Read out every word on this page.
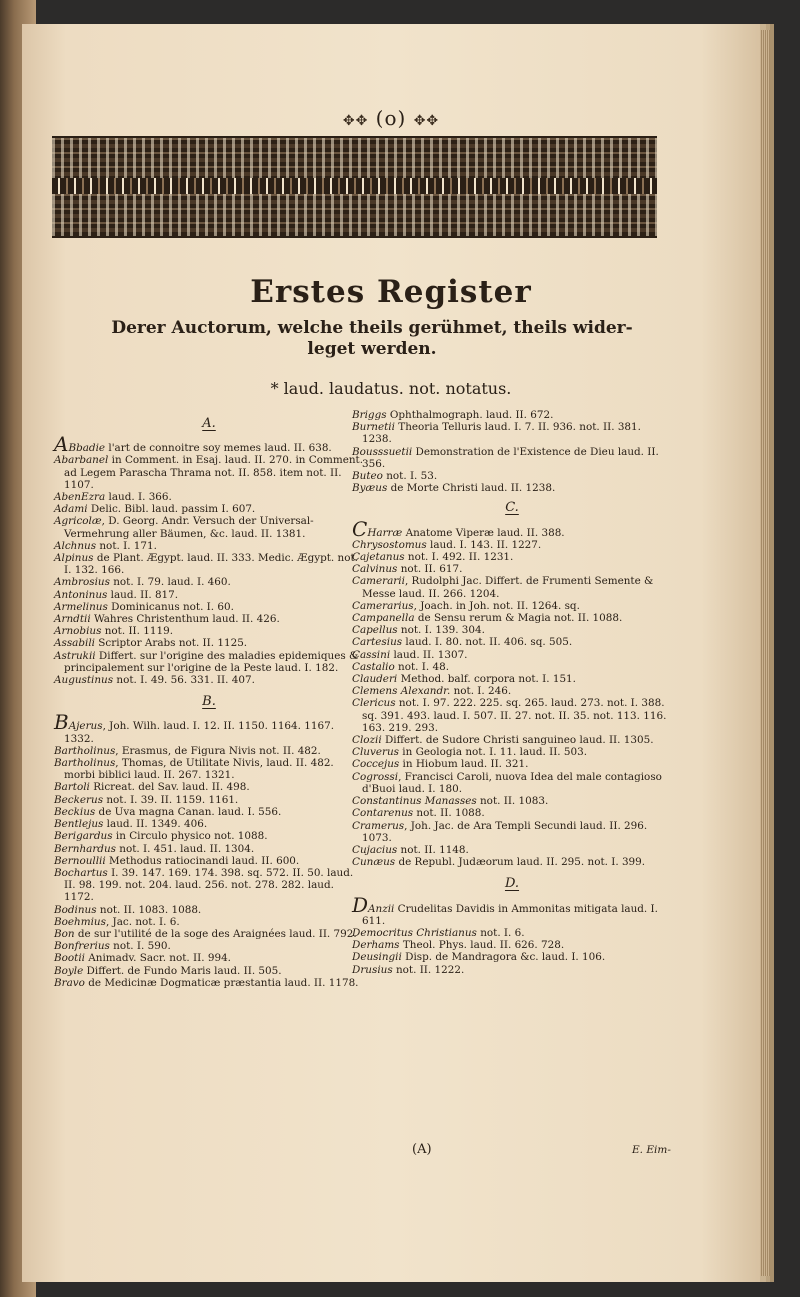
✥✥ (o) ✥✥
Erstes Register
Derer Auctorum, welche theils gerühmet, theils wider-leget werden.
* laud. laudatus. not. notatus.
A.

ABbadie l'art de connoitre soy memes laud. II. 638.

Abarbanel in Comment. in Esaj. laud. II. 270. in Comment. ad Legem Parascha Thrama not. II. 858. item not. II. 1107.

AbenEzra laud. I. 366.

Adami Delic. Bibl. laud. passim I. 607.

Agricolæ, D. Georg. Andr. Versuch der Universal-Vermehrung aller Bäumen, &c. laud. II. 1381.

Alchnus not. I. 171.

Alpinus de Plant. Ægypt. laud. II. 333. Medic. Ægypt. not. I. 132. 166.

Ambrosius not. I. 79. laud. I. 460.

Antoninus laud. II. 817.

Armelinus Dominicanus not. I. 60.

Arndtii Wahres Christenthum laud. II. 426.

Arnobius not. II. 1119.

Assabili Scriptor Arabs not. II. 1125.

Astrukii Differt. sur l'origine des maladies epidemiques & principalement sur l'origine de la Peste laud. I. 182.

Augustinus not. I. 49. 56. 331. II. 407.

B.

BAjerus, Joh. Wilh. laud. I. 12. II. 1150. 1164. 1167. 1332.

Bartholinus, Erasmus, de Figura Nivis not. II. 482.

Bartholinus, Thomas, de Utilitate Nivis, laud. II. 482. morbi biblici laud. II. 267. 1321.

Bartoli Ricreat. del Sav. laud. II. 498.

Beckerus not. I. 39. II. 1159. 1161.

Beckius de Uva magna Canan. laud. I. 556.

Bentlejus laud. II. 1349. 406.

Berigardus in Circulo physico not. 1088.

Bernhardus not. I. 451. laud. II. 1304.

Bernoullii Methodus ratiocinandi laud. II. 600.

Bochartus I. 39. 147. 169. 174. 398. sq. 572. II. 50. laud. II. 98. 199. not. 204. laud. 256. not. 278. 282. laud. 1172.

Bodinus not. II. 1083. 1088.

Boehmius, Jac. not. I. 6.

Bon de sur l'utilité de la soge des Araignées laud. II. 792.

Bonfrerius not. I. 590.

Bootii Animadv. Sacr. not. II. 994.

Boyle Differt. de Fundo Maris laud. II. 505.

Bravo de Medicinæ Dogmaticæ præstantia laud. II. 1178.

Briggs Ophthalmograph. laud. II. 672.

Burnetii Theoria Telluris laud. I. 7. II. 936. not. II. 381. 1238.

Bousssuetii Demonstration de l'Existence de Dieu laud. II. 356.

Buteo not. I. 53.

Byæus de Morte Christi laud. II. 1238.

C.

CHarræ Anatome Viperæ laud. II. 388.

Chrysostomus laud. I. 143. II. 1227.

Cajetanus not. I. 492. II. 1231.

Calvinus not. II. 617.

Camerarii, Rudolphi Jac. Differt. de Frumenti Semente & Messe laud. II. 266. 1204.

Camerarius, Joach. in Joh. not. II. 1264. sq.

Campanella de Sensu rerum & Magia not. II. 1088.

Capellus not. I. 139. 304.

Cartesius laud. I. 80. not. II. 406. sq. 505.

Cassini laud. II. 1307.

Castalio not. I. 48.

Clauderi Method. balf. corpora not. I. 151.

Clemens Alexandr. not. I. 246.

Clericus not. I. 97. 222. 225. sq. 265. laud. 273. not. I. 388. sq. 391. 493. laud. I. 507. II. 27. not. II. 35. not. 113. 116. 163. 219. 293.

Clozii Differt. de Sudore Christi sanguineo laud. II. 1305.

Cluverus in Geologia not. I. 11. laud. II. 503.

Coccejus in Hiobum laud. II. 321.

Cogrossi, Francisci Caroli, nuova Idea del male contagioso d'Buoi laud. I. 180.

Constantinus Manasses not. II. 1083.

Contarenus not. II. 1088.

Cramerus, Joh. Jac. de Ara Templi Secundi laud. II. 296. 1073.

Cujacius not. II. 1148.

Cunæus de Republ. Judæorum laud. II. 295. not. I. 399.

D.

DAnzii Crudelitas Davidis in Ammonitas mitigata laud. I. 611.

Democritus Christianus not. I. 6.

Derhams Theol. Phys. laud. II. 626. 728.

Deusingii Disp. de Mandragora &c. laud. I. 106.

Drusius not. II. 1222.

(A)	E. Eim-
